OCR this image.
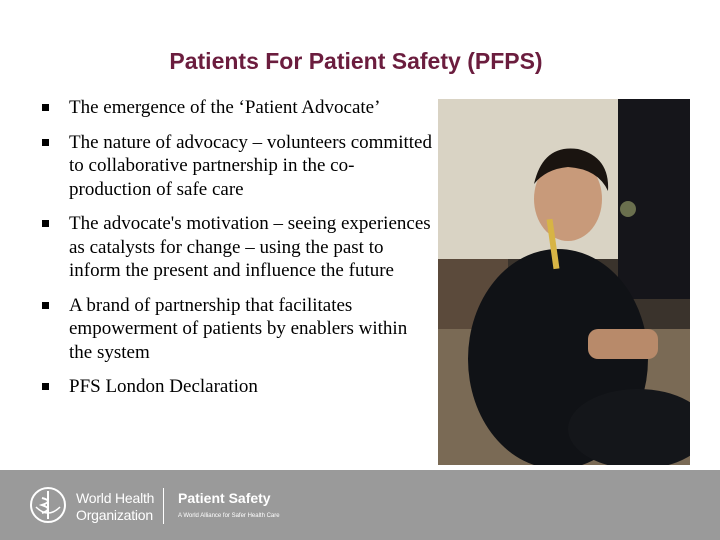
Patients For Patient Safety (PFPS)
The emergence of the ‘Patient Advocate’
The nature of advocacy – volunteers committed to collaborative partnership in the co-production of safe care
The advocate's motivation – seeing experiences as catalysts for change – using the past to inform the present and influence the future
A brand of partnership that facilitates empowerment of patients by enablers within the system
PFS London Declaration
World Health
Organization
Patient Safety
A World Alliance for Safer Health Care
